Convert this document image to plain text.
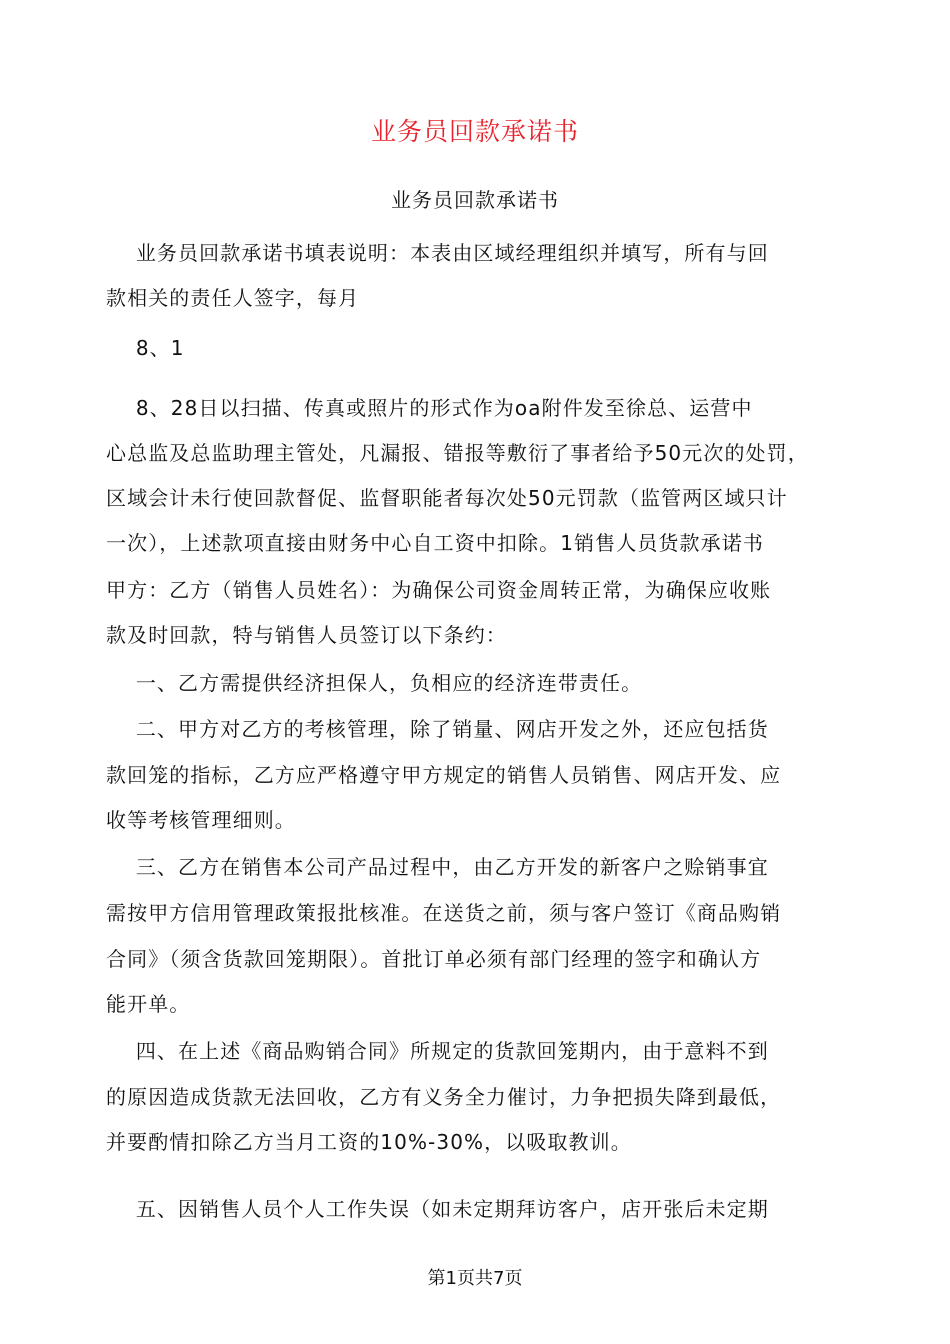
业务员回款承诺书
业务员回款承诺书
业务员回款承诺书填表说明：本表由区域经理组织并填写，所有与回
款相关的责任人签字，每月
8、1
8、28日以扫描、传真或照片的形式作为oa附件发至徐总、运营中
心总监及总监助理主管处，凡漏报、错报等敷衍了事者给予50元次的处罚，
区域会计未行使回款督促、监督职能者每次处50元罚款（监管两区域只计
一次），上述款项直接由财务中心自工资中扣除。1销售人员货款承诺书
甲方：乙方（销售人员姓名）：为确保公司资金周转正常，为确保应收账
款及时回款，特与销售人员签订以下条约：
一、乙方需提供经济担保人，负相应的经济连带责任。
二、甲方对乙方的考核管理，除了销量、网店开发之外，还应包括货
款回笼的指标，乙方应严格遵守甲方规定的销售人员销售、网店开发、应
收等考核管理细则。
三、乙方在销售本公司产品过程中，由乙方开发的新客户之赊销事宜
需按甲方信用管理政策报批核准。在送货之前，须与客户签订《商品购销
合同》（须含货款回笼期限）。首批订单必须有部门经理的签字和确认方
能开单。
四、在上述《商品购销合同》所规定的货款回笼期内，由于意料不到
的原因造成货款无法回收，乙方有义务全力催讨，力争把损失降到最低，
并要酌情扣除乙方当月工资的10%-30%，以吸取教训。
五、因销售人员个人工作失误（如未定期拜访客户，店开张后未定期
第1页共7页
